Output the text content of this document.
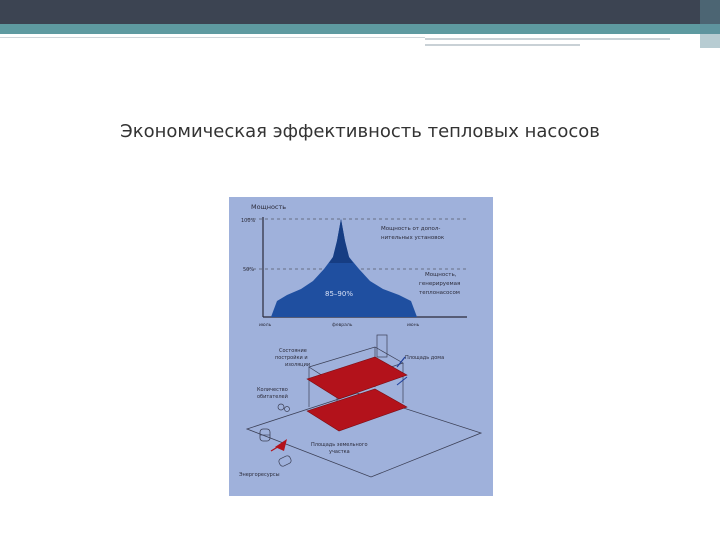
Экономическая эффективность тепловых насосов
Мощность
100%
50%
85–90%
Мощность от допол-
нительных установок
Мощность,
генерируемая
теплонасосом
июль	февраль	июнь
Состояние
постройки и
изоляции
Площадь дома
Количество
обитателей
Площадь земельного
участка
Энергоресурсы
